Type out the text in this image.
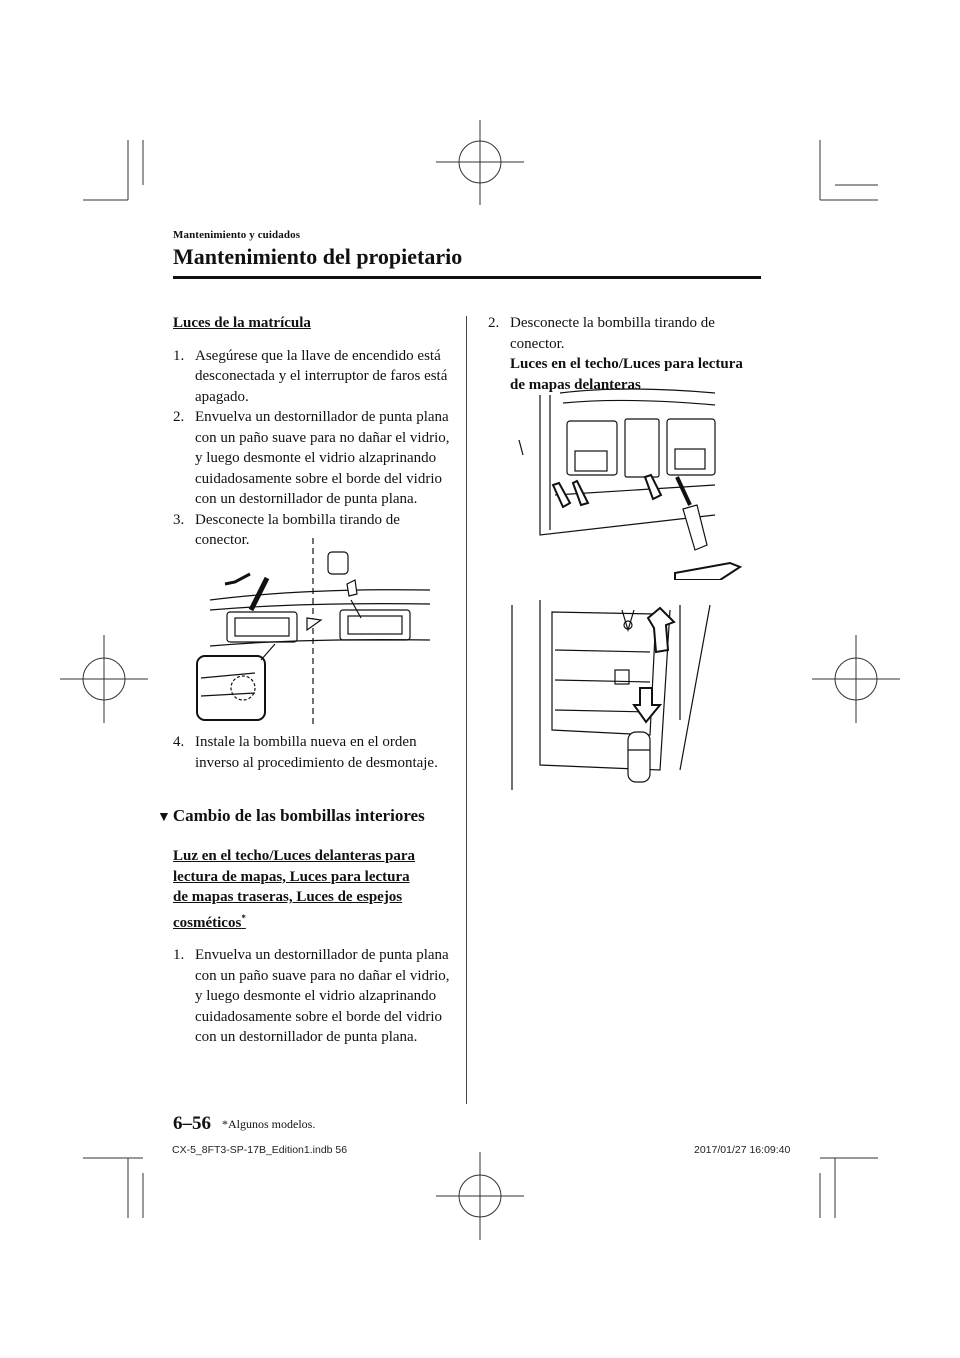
Mantenimiento y cuidados
Mantenimiento del propietario
Luces de la matrícula
1. Asegúrese que la llave de encendido está desconectada y el interruptor de faros está apagado.
2. Envuelva un destornillador de punta plana con un paño suave para no dañar el vidrio, y luego desmonte el vidrio alzaprinando cuidadosamente sobre el borde del vidrio con un destornillador de punta plana.
3. Desconecte la bombilla tirando de conector.
4. Instale la bombilla nueva en el orden inverso al procedimiento de desmontaje.
▼ Cambio de las bombillas interiores
Luz en el techo/Luces delanteras para
lectura de mapas, Luces para lectura
de mapas traseras, Luces de espejos
cosméticos*
1. Envuelva un destornillador de punta plana con un paño suave para no dañar el vidrio, y luego desmonte el vidrio alzaprinando cuidadosamente sobre el borde del vidrio con un destornillador de punta plana.
2. Desconecte la bombilla tirando de conector.
Luces en el techo/Luces para lectura de mapas delanteras
6–56 *Algunos modelos.
CX-5_8FT3-SP-17B_Edition1.indb 56	2017/01/27 16:09:40
